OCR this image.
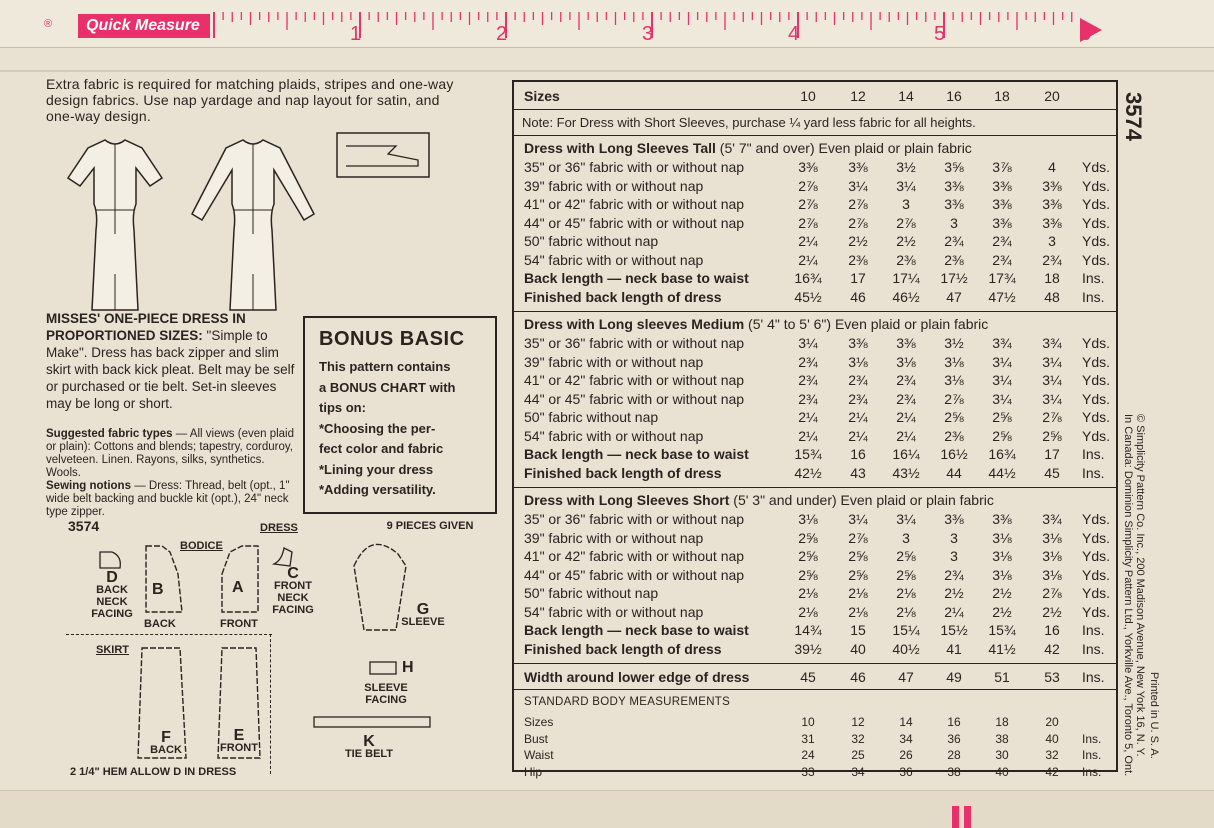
®	Quick Measure	1	2	3	4	5	6
Extra fabric is required for matching plaids, stripes and one-way design fabrics. Use nap yardage and nap layout for satin, and one-way design.
MISSES' ONE-PIECE DRESS IN PROPORTIONED SIZES: "Simple to Make". Dress has back zipper and slim skirt with back kick pleat. Belt may be self or purchased or tie belt. Set-in sleeves may be long or short.
Suggested fabric types — All views (even plaid or plain): Cottons and blends; tapestry, corduroy, velveteen. Linen. Rayons, silks, synthetics. Wools.
Sewing notions — Dress: Thread, belt (opt., 1" wide belt backing and buckle kit (opt.), 24" neck type zipper.
BONUS BASIC
This pattern contains
a BONUS CHART with
tips on:
*Choosing the per-
fect color and fabric
*Lining your dress
*Adding versatility.
3574	DRESS	9 PIECES GIVEN
BODICE
D
BACK NECK FACING
B
BACK
A
FRONT
C
FRONT NECK FACING	G
SLEEVE
SKIRT
H
SLEEVE FACING
F
BACK
E
FRONT	K
TIE BELT
2 1/4" HEM ALLOW D IN DRESS
Sizes	10	12	14	16	18	20
Note: For Dress with Short Sleeves, purchase ¼ yard less fabric for all heights.
Dress with Long Sleeves Tall (5' 7" and over) Even plaid or plain fabric
35" or 36" fabric with or without nap	3⅜	3⅜	3½	3⅝	3⅞	4	Yds.
39" fabric with or without nap	2⅞	3¼	3¼	3⅜	3⅜	3⅜	Yds.
41" or 42" fabric with or without nap	2⅞	2⅞	3	3⅜	3⅜	3⅜	Yds.
44" or 45" fabric with or without nap	2⅞	2⅞	2⅞	3	3⅜	3⅜	Yds.
50" fabric without nap	2¼	2½	2½	2¾	2¾	3	Yds.
54" fabric with or without nap	2¼	2⅜	2⅜	2⅜	2¾	2¾	Yds.
Back length — neck base to waist	16¾	17	17¼	17½	17¾	18	Ins.
Finished back length of dress	45½	46	46½	47	47½	48	Ins.
Dress with Long sleeves Medium (5' 4" to 5' 6") Even plaid or plain fabric
35" or 36" fabric with or without nap	3¼	3⅜	3⅜	3½	3¾	3¾	Yds.
39" fabric with or without nap	2¾	3⅛	3⅛	3⅛	3¼	3¼	Yds.
41" or 42" fabric with or without nap	2¾	2¾	2¾	3⅛	3¼	3¼	Yds.
44" or 45" fabric with or without nap	2¾	2¾	2¾	2⅞	3¼	3¼	Yds.
50" fabric without nap	2¼	2¼	2¼	2⅝	2⅝	2⅞	Yds.
54" fabric with or without nap	2¼	2¼	2¼	2⅜	2⅝	2⅝	Yds.
Back length — neck base to waist	15¾	16	16¼	16½	16¾	17	Ins.
Finished back length of dress	42½	43	43½	44	44½	45	Ins.
Dress with Long Sleeves Short (5' 3" and under) Even plaid or plain fabric
35" or 36" fabric with or without nap	3⅛	3¼	3¼	3⅜	3⅜	3¾	Yds.
39" fabric with or without nap	2⅝	2⅞	3	3	3⅛	3⅛	Yds.
41" or 42" fabric with or without nap	2⅝	2⅝	2⅝	3	3⅛	3⅛	Yds.
44" or 45" fabric with or without nap	2⅝	2⅝	2⅝	2¾	3⅛	3⅛	Yds.
50" fabric without nap	2⅛	2⅛	2⅛	2½	2½	2⅞	Yds.
54" fabric with or without nap	2⅛	2⅛	2⅛	2¼	2½	2½	Yds.
Back length — neck base to waist	14¾	15	15¼	15½	15¾	16	Ins.
Finished back length of dress	39½	40	40½	41	41½	42	Ins.
Width around lower edge of dress	45	46	47	49	51	53	Ins.
STANDARD BODY MEASUREMENTS
Sizes	10	12	14	16	18	20
Bust	31	32	34	36	38	40	Ins.
Waist	24	25	26	28	30	32	Ins.
Hip	33	34	36	38	40	42	Ins.
3574
© Simplicity Pattern Co. Inc., 200 Madison Avenue, New York 16, N. Y.
In Canada: Dominion Simplicity Pattern Ltd., Yorkville Ave., Toronto 5, Ont. Printed in U. S. A.
